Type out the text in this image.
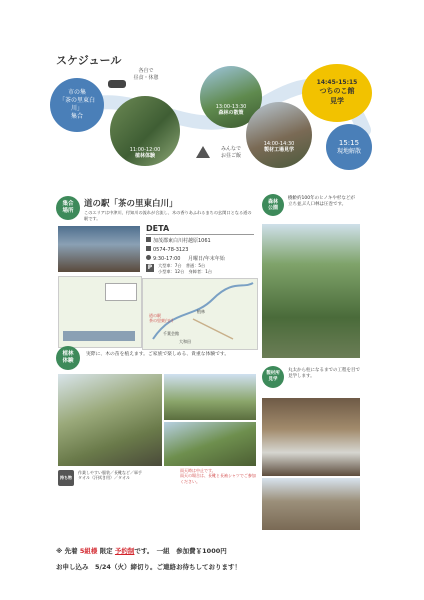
スケジュール
各自で
昼食・休憩
市の集
「茶の里東白川」
集合
11:00-12:00
植林体験
13:00-13:30
森林の散策
みんなで
お昼ご飯
14:00-14:30
製材工場見学
14:45-15:15
つちのこ館
見学
15:15
現地解散
集合
場所
道の駅「茶の里東白川」
このエリアは中津川、付知川の流れが合流し、木の香りあふれるまちの玄関口となる道の駅です。
DETA
加茂郡東白川村越原1061
0574-78-3123
9:30-17:00 月曜日/年末年始
P	大型車：7台　 普通：5台
小型車：12台　 身障者：1台
道の駅
茶の里東白川
植林
千葉会館
大和田
森林
公園
樹齢約100年のヒノキや杉などが立ち並ぶ人口林は圧巻です。
植林
体験
実際に、木の苗を植えます。ご家族で楽しめる、貴重な体験です。
持ち物
作業しやすい服装／長靴など／軍手
タオル（汗拭き用）／タオル
雨天時は中止です。
雨天の場合は、長靴と長袖シャツでご参加ください。
製材所
見学
丸太から柱になるまでの工程を目で見学します。
※ 先着 5組様 限定 予約制です。　一組　参加費￥1000円
お申し込み　5/24（火）締切り。ご連絡お待ちしております！
